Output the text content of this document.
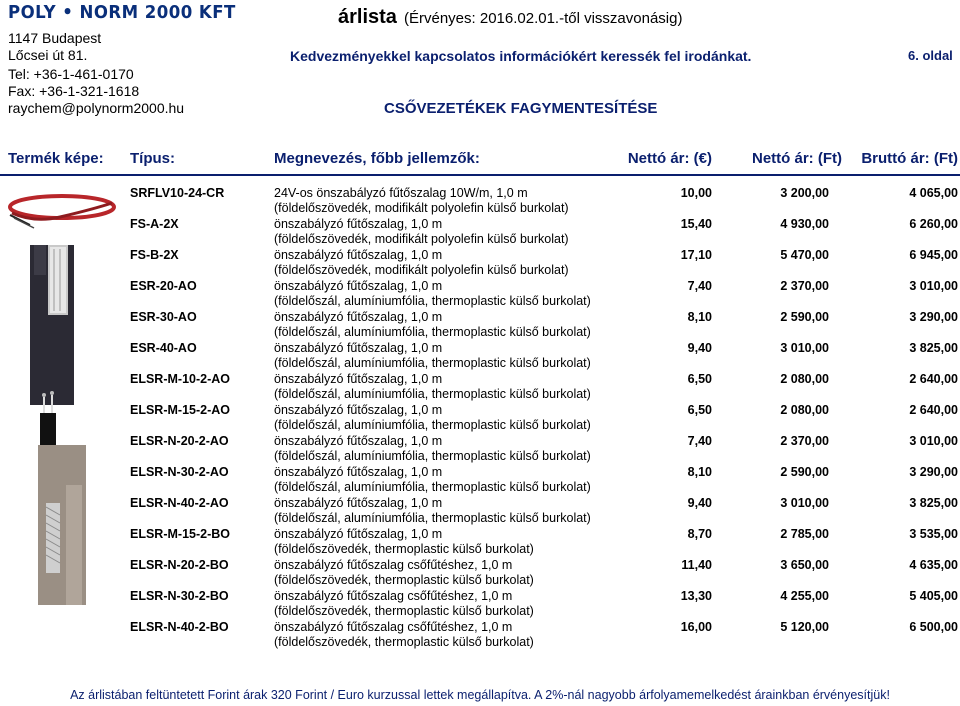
POLY • NORM 2000 KFT
1147 Budapest
Lőcsei út 81.
Tel: +36-1-461-0170
Fax: +36-1-321-1618
raychem@polynorm2000.hu
árlista (Érvényes: 2016.02.01.-től visszavonásig)
Kedvezményekkel kapcsolatos információkért keressék fel irodánkat.	6. oldal
CSŐVEZETÉKEK FAGYMENTESÍTÉSE
Termék képe: Típus:	Megnevezés, főbb jellemzők:	Nettó ár: (€)	Nettó ár: (Ft) Bruttó ár: (Ft)
SRFLV10-24-CR	24V-os önszabályzó fűtőszalag 10W/m, 1,0 m
(földelőszövedék, modifikált polyolefin külső burkolat)
10,00	3 200,00	4 065,00
FS-A-2X	önszabályzó fűtőszalag, 1,0 m
(földelőszövedék, modifikált polyolefin külső burkolat)
15,40	4 930,00	6 260,00
FS-B-2X	önszabályzó fűtőszalag, 1,0 m
(földelőszövedék, modifikált polyolefin külső burkolat)
17,10	5 470,00	6 945,00
ESR-20-AO	önszabályzó fűtőszalag, 1,0 m
(földelőszál, alumíniumfólia, thermoplastic külső burkolat)
7,40	2 370,00	3 010,00
ESR-30-AO	önszabályzó fűtőszalag, 1,0 m
(földelőszál, alumíniumfólia, thermoplastic külső burkolat)
8,10	2 590,00	3 290,00
ESR-40-AO	önszabályzó fűtőszalag, 1,0 m
(földelőszál, alumíniumfólia, thermoplastic külső burkolat)
9,40	3 010,00	3 825,00
ELSR-M-10-2-AO	önszabályzó fűtőszalag, 1,0 m
(földelőszál, alumíniumfólia, thermoplastic külső burkolat)
6,50	2 080,00	2 640,00
ELSR-M-15-2-AO	önszabályzó fűtőszalag, 1,0 m
(földelőszál, alumíniumfólia, thermoplastic külső burkolat)
6,50	2 080,00	2 640,00
ELSR-N-20-2-AO	önszabályzó fűtőszalag, 1,0 m
(földelőszál, alumíniumfólia, thermoplastic külső burkolat)
7,40	2 370,00	3 010,00
ELSR-N-30-2-AO	önszabályzó fűtőszalag, 1,0 m
(földelőszál, alumíniumfólia, thermoplastic külső burkolat)
8,10	2 590,00	3 290,00
ELSR-N-40-2-AO	önszabályzó fűtőszalag, 1,0 m
(földelőszál, alumíniumfólia, thermoplastic külső burkolat)
9,40	3 010,00	3 825,00
ELSR-M-15-2-BO	önszabályzó fűtőszalag, 1,0 m
(földelőszövedék, thermoplastic külső burkolat)
8,70	2 785,00	3 535,00
ELSR-N-20-2-BO	önszabályzó fűtőszalag csőfűtéshez, 1,0 m
(földelőszövedék, thermoplastic külső burkolat)
11,40	3 650,00	4 635,00
ELSR-N-30-2-BO	önszabályzó fűtőszalag csőfűtéshez, 1,0 m
(földelőszövedék, thermoplastic külső burkolat)
13,30	4 255,00	5 405,00
ELSR-N-40-2-BO	önszabályzó fűtőszalag csőfűtéshez, 1,0 m
(földelőszövedék, thermoplastic külső burkolat)
16,00	5 120,00	6 500,00
Az árlistában feltüntetett Forint árak 320 Forint / Euro kurzussal lettek megállapítva. A 2%-nál nagyobb árfolyamemelkedést árainkban érvényesítjük!
